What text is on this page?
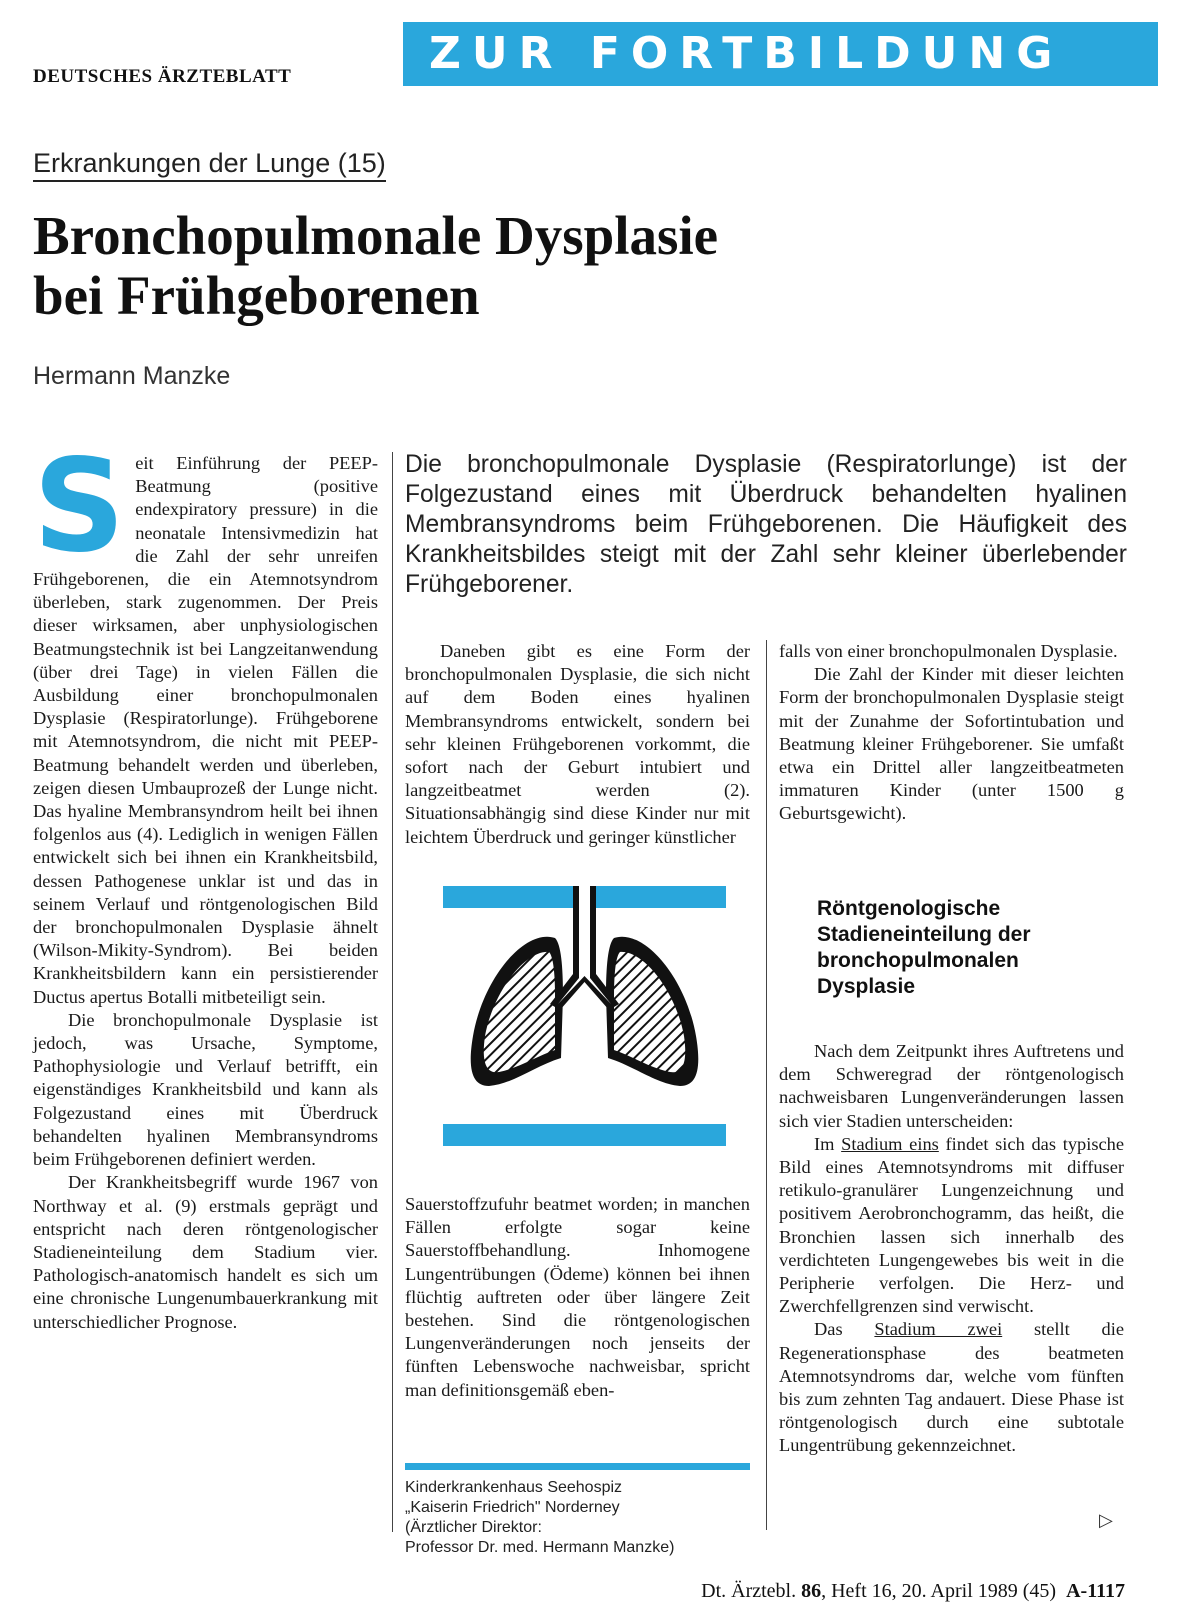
DEUTSCHES ÄRZTEBLATT	ZUR FORTBILDUNG
Erkrankungen der Lunge (15)
Bronchopulmonale Dysplasie
bei Frühgeborenen
Hermann Manzke
S eit Einführung der PEEP-Beatmung (positive endexpiratory pressure) in die neonatale Intensivmedizin hat die Zahl der sehr unreifen Frühgeborenen, die ein Atemnotsyndrom überleben, stark zugenommen. Der Preis dieser wirksamen, aber unphysiologischen Beatmungstechnik ist bei Langzeitanwendung (über drei Tage) in vielen Fällen die Ausbildung einer bronchopulmonalen Dysplasie (Respiratorlunge). Frühgeborene mit Atemnotsyndrom, die nicht mit PEEP-Beatmung behandelt werden und überleben, zeigen diesen Umbauprozeß der Lunge nicht. Das hyaline Membransyndrom heilt bei ihnen folgenlos aus (4). Lediglich in wenigen Fällen entwickelt sich bei ihnen ein Krankheitsbild, dessen Pathogenese unklar ist und das in seinem Verlauf und röntgenologischen Bild der bronchopulmonalen Dysplasie ähnelt (Wilson-Mikity-Syndrom). Bei beiden Krankheitsbildern kann ein persistierender Ductus apertus Botalli mitbeteiligt sein.

Die bronchopulmonale Dysplasie ist jedoch, was Ursache, Symptome, Pathophysiologie und Verlauf betrifft, ein eigenständiges Krankheitsbild und kann als Folgezustand eines mit Überdruck behandelten hyalinen Membransyndroms beim Frühgeborenen definiert werden.

Der Krankheitsbegriff wurde 1967 von Northway et al. (9) erstmals geprägt und entspricht nach deren röntgenologischer Stadieneinteilung dem Stadium vier. Pathologisch-anatomisch handelt es sich um eine chronische Lungenumbauerkrankung mit unterschiedlicher Prognose.

Die bronchopulmonale Dysplasie (Respiratorlunge) ist der Folgezustand eines mit Überdruck behandelten hyalinen Membransyndroms beim Frühgeborenen. Die Häufigkeit des Krankheitsbildes steigt mit der Zahl sehr kleiner überlebender Frühgeborener.

Daneben gibt es eine Form der bronchopulmonalen Dysplasie, die sich nicht auf dem Boden eines hyalinen Membransyndroms entwickelt, sondern bei sehr kleinen Frühgeborenen vorkommt, die sofort nach der Geburt intubiert und langzeitbeatmet werden (2). Situationsabhängig sind diese Kinder nur mit leichtem Überdruck und geringer künstlicher

Sauerstoffzufuhr beatmet worden; in manchen Fällen erfolgte sogar keine Sauerstoffbehandlung. Inhomogene Lungentrübungen (Ödeme) können bei ihnen flüchtig auftreten oder über längere Zeit bestehen. Sind die röntgenologischen Lungenveränderungen noch jenseits der fünften Lebenswoche nachweisbar, spricht man definitionsgemäß eben-

Kinderkrankenhaus Seehospiz
„Kaiserin Friedrich" Norderney
(Ärztlicher Direktor:
Professor Dr. med. Hermann Manzke)

falls von einer bronchopulmonalen Dysplasie.

Die Zahl der Kinder mit dieser leichten Form der bronchopulmonalen Dysplasie steigt mit der Zunahme der Sofortintubation und Beatmung kleiner Frühgeborener. Sie umfaßt etwa ein Drittel aller langzeitbeatmeten immaturen Kinder (unter 1500 g Geburtsgewicht).

Röntgenologische Stadieneinteilung der bronchopulmonalen Dysplasie

Nach dem Zeitpunkt ihres Auftretens und dem Schweregrad der röntgenologisch nachweisbaren Lungenveränderungen lassen sich vier Stadien unterscheiden:

Im Stadium eins findet sich das typische Bild eines Atemnotsyndroms mit diffuser retikulo-granulärer Lungenzeichnung und positivem Aerobronchogramm, das heißt, die Bronchien lassen sich innerhalb des verdichteten Lungengewebes bis weit in die Peripherie verfolgen. Die Herz- und Zwerchfellgrenzen sind verwischt.

Das Stadium zwei stellt die Regenerationsphase des beatmeten Atemnotsyndroms dar, welche vom fünften bis zum zehnten Tag andauert. Diese Phase ist röntgenologisch durch eine subtotale Lungentrübung gekennzeichnet.

▷
Dt. Ärztebl. 86, Heft 16, 20. April 1989 (45) A-1117
